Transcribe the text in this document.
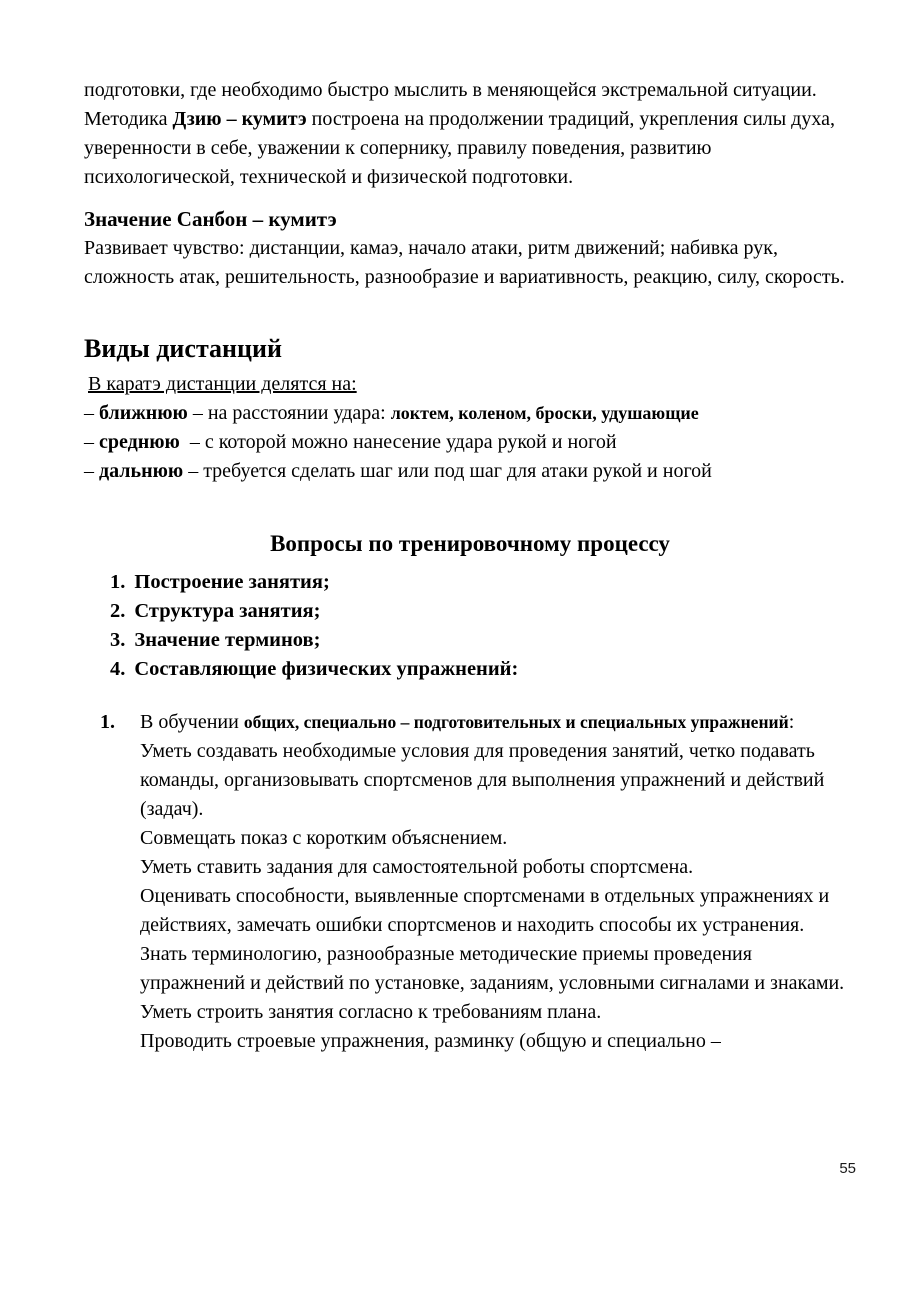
подготовки, где необходимо быстро мыслить в меняющейся экстремальной ситуации.

Методика Дзию – кумитэ построена на продолжении традиций, укрепления силы духа, уверенности в себе, уважении к сопернику, правилу поведения, развитию психологической, технической и физической подготовки.

Значение Санбон – кумитэ

Развивает чувство: дистанции, камаэ, начало атаки, ритм движений; набивка рук, сложность атак, решительность, разнообразие и вариативность, реакцию, силу, скорость.

Виды дистанций

В каратэ дистанции делятся на:

– ближнюю – на расстоянии удара: локтем, коленом, броски, удушающие
– среднюю  – с которой можно нанесение удара рукой и ногой
– дальнюю – требуется сделать шаг или под шаг для атаки рукой и ногой
Вопросы по тренировочному процессу
1. Построение занятия;
2. Структура занятия;
3. Значение терминов;
4. Составляющие физических упражнений:
1. В обучении общих, специально – подготовительных и специальных упражнений:
Уметь создавать необходимые условия для проведения занятий, четко подавать команды, организовывать спортсменов для выполнения упражнений и действий (задач).
Совмещать показ с коротким объяснением.
Уметь ставить задания для самостоятельной роботы спортсмена.
Оценивать способности, выявленные спортсменами в отдельных упражнениях и действиях, замечать ошибки спортсменов и находить способы их устранения.
Знать терминологию, разнообразные методические приемы проведения упражнений и действий по установке, заданиям, условными сигналами и знаками.
Уметь строить занятия согласно к требованиям плана.
Проводить строевые упражнения, разминку (общую и специально –
55
